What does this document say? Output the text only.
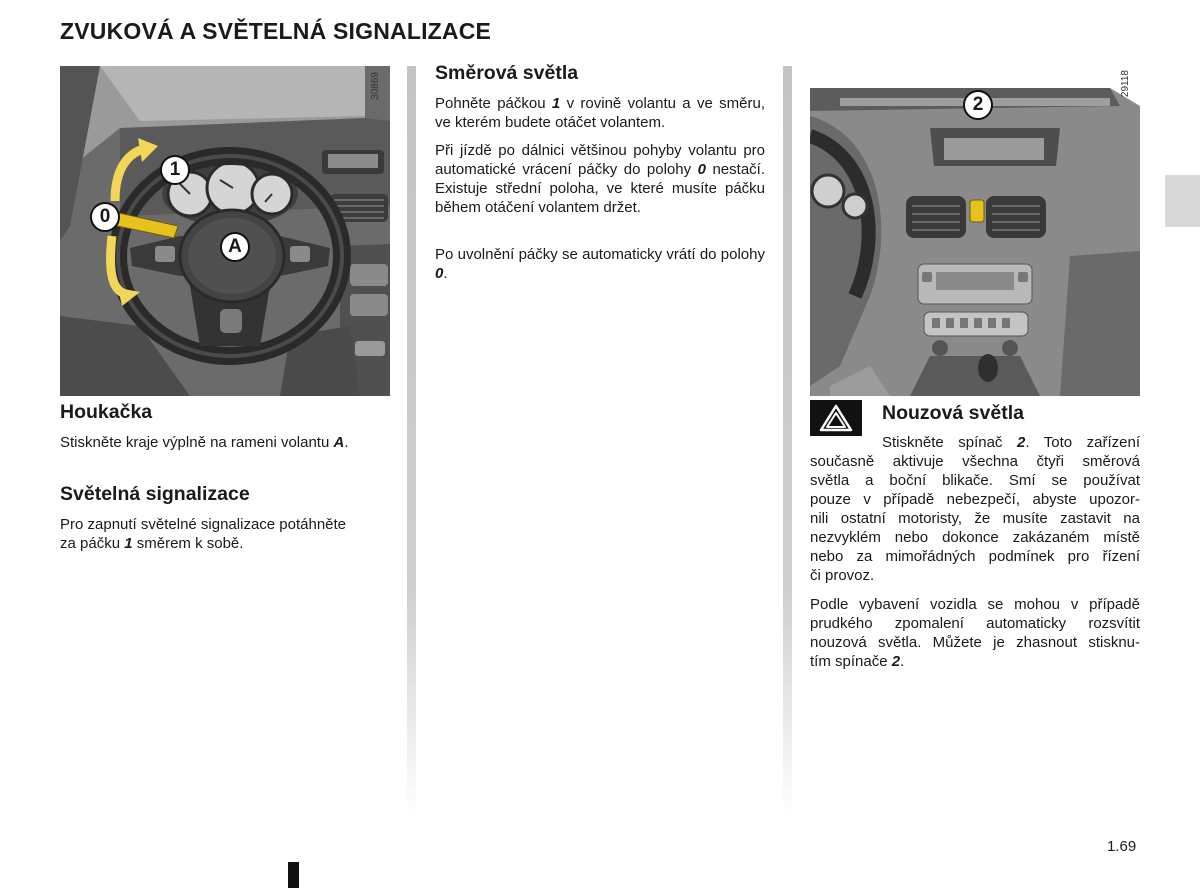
ZVUKOVÁ A SVĚTELNÁ SIGNALIZACE
1
0
A
30869
2
29118
Houkačka
Stiskněte kraje výplně na rameni volantu A.
Světelná signalizace
Pro zapnutí světelné signalizace potáhněte
za páčku 1 směrem k sobě.
Směrová světla
Pohněte páčkou 1 v rovině volantu a ve směru, ve kterém budete otáčet volantem.
Při jízdě po dálnici většinou pohyby volantu pro automatické vrácení páčky do polohy 0 nestačí. Existuje střední poloha, ve které musíte páčku během otáčení volantem držet.
Po uvolnění páčky se automaticky vrátí do polohy 0.
Nouzová světla
Stiskněte spínač 2. Toto zařízení
současně aktivuje všechna čtyři směrová
světla a boční blikače. Smí se používat
pouze v případě nebezpečí, abyste upozor-
nili ostatní motoristy, že musíte zastavit na
nezvyklém nebo dokonce zakázaném místě
nebo za mimořádných podmínek pro řízení
či provoz.
Podle vybavení vozidla se mohou v případě
prudkého zpomalení automaticky rozsvítit
nouzová světla. Můžete je zhasnout stisknu-
tím spínače 2.
1.69
